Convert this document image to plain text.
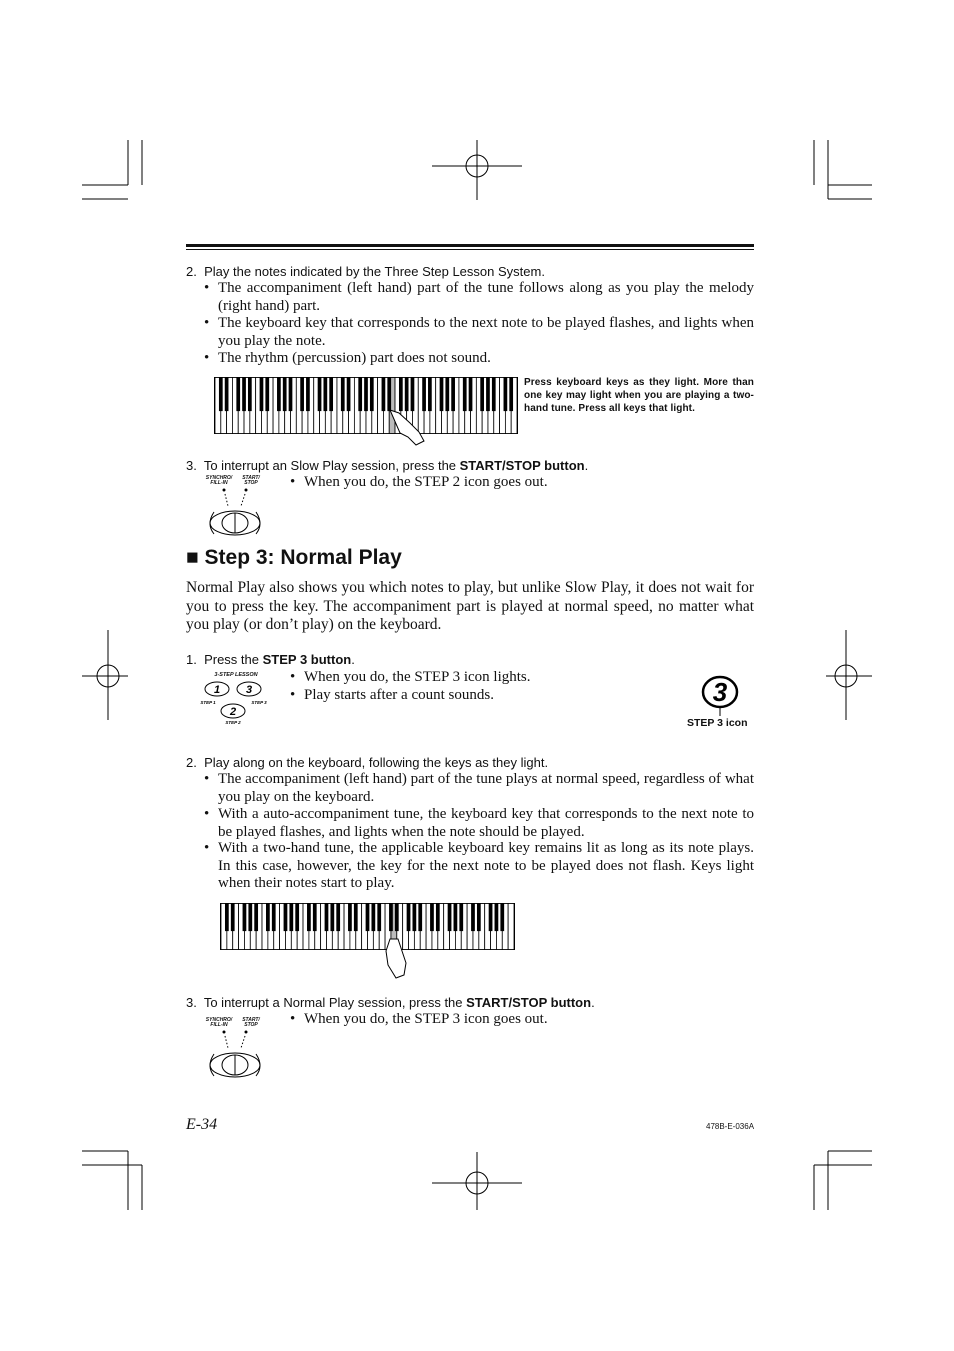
2. Play the notes indicated by the Three Step Lesson System.
• The accompaniment (left hand) part of the tune follows along as you play the melody (right hand) part.
• The keyboard key that corresponds to the next note to be played flashes, and lights when you play the note.
• The rhythm (percussion) part does not sound.
Press keyboard keys as they light. More than one key may light when you are playing a two-hand tune. Press all keys that light.
3. To interrupt an Slow Play session, press the START/STOP button.
SYNCHRO/
FILL-IN
START/
STOP	• When you do, the STEP 2 icon goes out.
■ Step 3: Normal Play
Normal Play also shows you which notes to play, but unlike Slow Play, it does not wait for you to press the key. The accompaniment part is played at normal speed, no matter what you play (or don’t play) on the keyboard.
1. Press the STEP 3 button.
3-STEP LESSON
1 3
2
STEP 1	STEP 3
STEP 2
• When you do, the STEP 3 icon lights.
• Play starts after a count sounds.	3
STEP 3 icon
2. Play along on the keyboard, following the keys as they light.
• The accompaniment (left hand) part of the tune plays at normal speed, regardless of what you play on the keyboard.
• With a auto-accompaniment tune, the keyboard key that corresponds to the next note to be played flashes, and lights when the note should be played.
• With a two-hand tune, the applicable keyboard key remains lit as long as its note plays. In this case, however, the key for the next note to be played does not flash. Keys light when their notes start to play.
3. To interrupt a Normal Play session, press the START/STOP button.
SYNCHRO/
FILL-IN
START/
STOP	• When you do, the STEP 3 icon goes out.
E-34	478B-E-036A
